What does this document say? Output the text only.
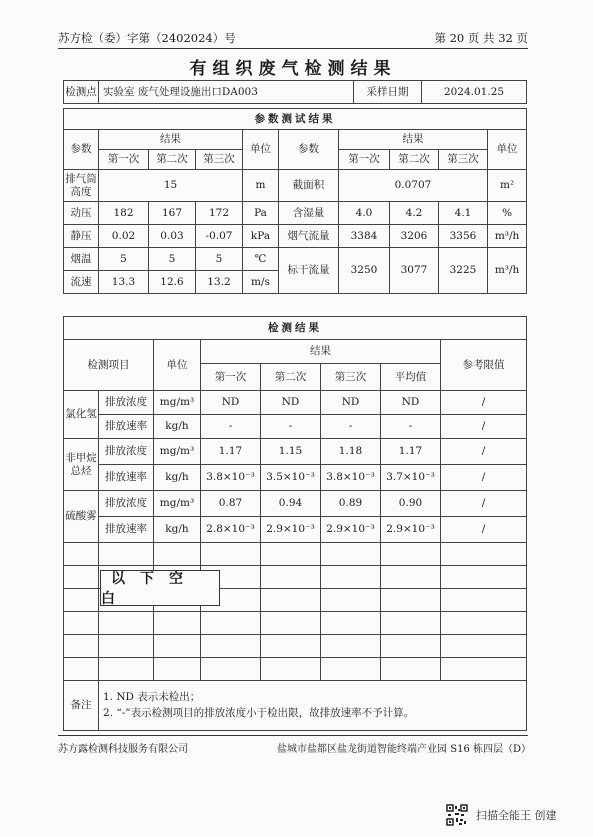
苏方检（委）字第（2402024）号	第 20 页 共 32 页
有组织废气检测结果
检测点	实验室 废气处理设施出口DA003	采样日期	2024.01.25
参数测试结果									
参数	结果			单位	参数	结果			单位
	第一次	第二次	第三次			第一次	第二次	第三次	
排气筒高度	15			m	截面积	0.0707			m²
动压	182	167	172	Pa	含湿量	4.0	4.2	4.1	%
静压	0.02	0.03	-0.07	kPa	烟气流量	3384	3206	3356	m³/h
烟温	5	5	5	℃	标干流量	3250	3077	3225	m³/h
流速	13.3	12.6	13.2	m/s					
检测结果							
检测项目		单位	结果				参考限值
			第一次	第二次	第三次	平均值	
氯化氢	排放浓度	mg/m³	ND	ND	ND	ND	/
	排放速率	kg/h	-	-	-	-	/
非甲烷总烃	排放浓度	mg/m³	1.17	1.15	1.18	1.17	/
	排放速率	kg/h	3.8×10⁻³	3.5×10⁻³	3.8×10⁻³	3.7×10⁻³	/
硫酸雾	排放浓度	mg/m³	0.87	0.94	0.89	0.90	/
	排放速率	kg/h	2.8×10⁻³	2.9×10⁻³	2.9×10⁻³	2.9×10⁻³	/

备注	1. ND 表示未检出；
2. “-”表示检测项目的排放浓度小于检出限，故排放速率不予计算。						
以下空白
苏方露检测科技服务有限公司	盐城市盐都区盐龙街道智能终端产业园 S16 栋四层（D）
扫描全能王 创建
